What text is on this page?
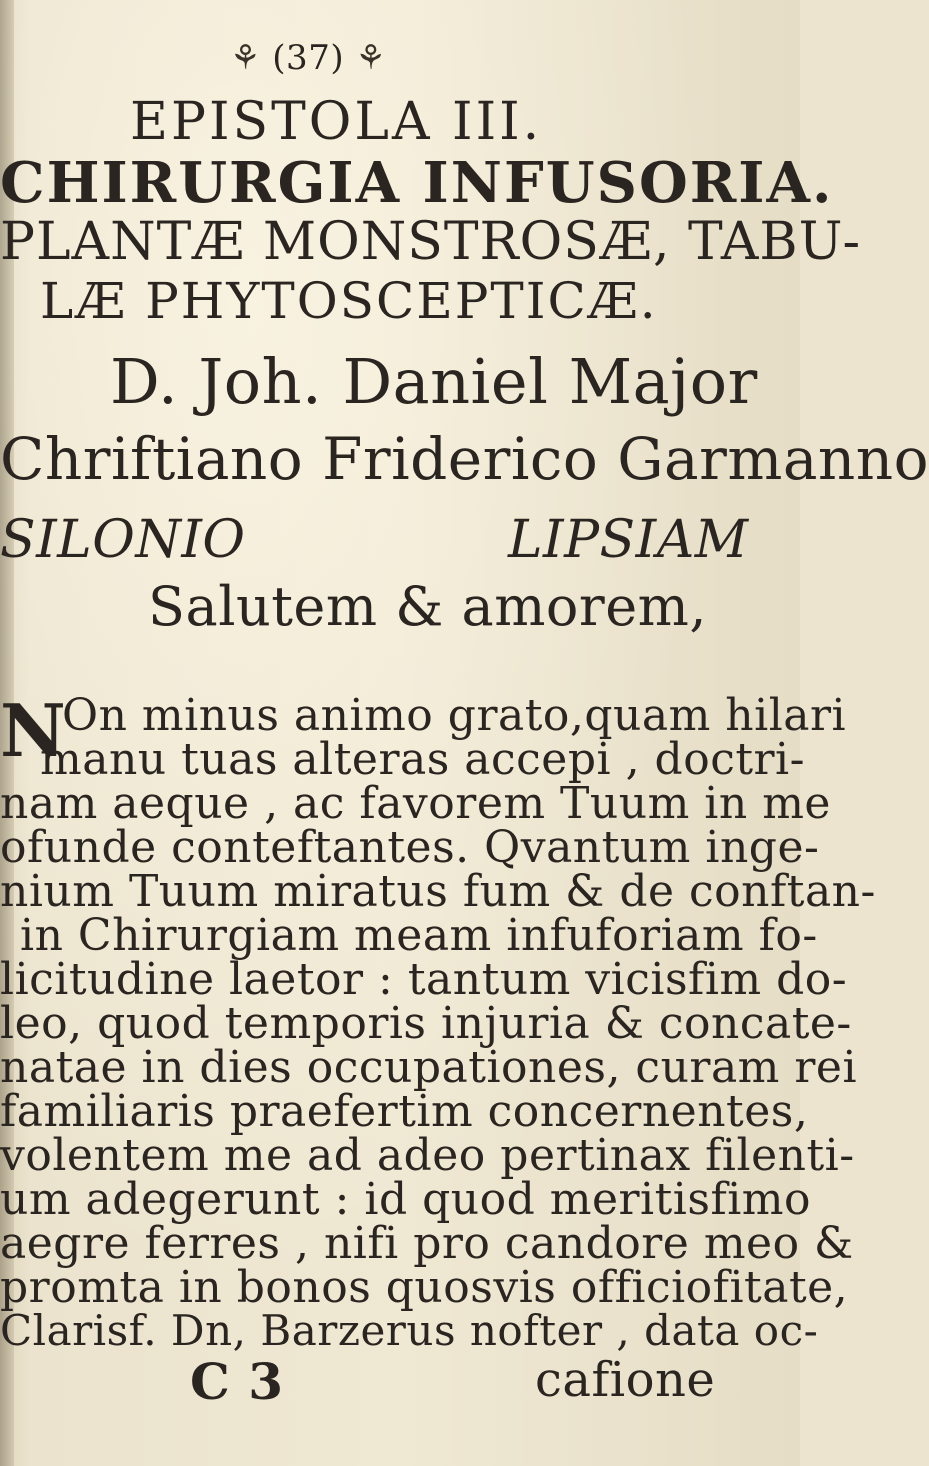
⚘ (37) ⚘
EPISTOLA III.
CHIRURGIA INFUSORIA.
PLANTÆ MONSTROSÆ, TABU-
LÆ PHYTOSCEPTICÆ.
D. Joh. Daniel Major
Chriftiano Friderico Garmanno
SILONIO	LIPSIAM
Salutem & amorem,
N
On minus animo grato,quam hilari
manu tuas alteras accepi , doctri-
nam aeque , ac favorem Tuum in me
ofunde conteftantes. Qvantum inge-
nium Tuum miratus fum & de conftan-
in Chirurgiam meam infuforiam fo-
licitudine laetor : tantum vicisfim do-
leo, quod temporis injuria & concate-
natae in dies occupationes, curam rei
familiaris praefertim concernentes,
volentem me ad adeo pertinax filenti-
um adegerunt : id quod meritisfimo
aegre ferres , nifi pro candore meo &
promta in bonos quosvis officiofitate,
Clarisf. Dn, Barzerus nofter , data oc-
C 3	cafione
